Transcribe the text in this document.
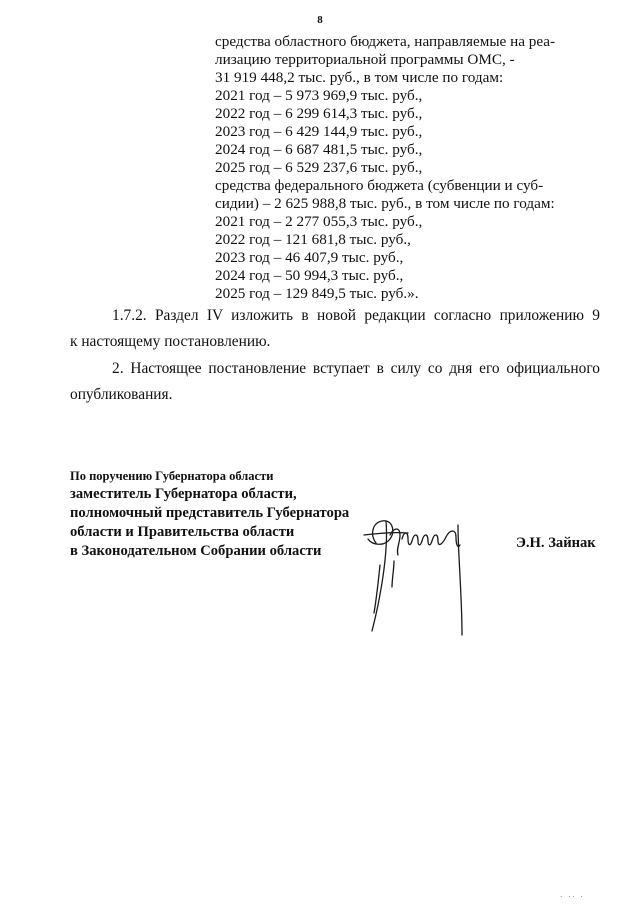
8
средства областного бюджета, направляемые на реа-
лизацию территориальной программы ОМС, -
31 919 448,2 тыс. руб., в том числе по годам:
2021 год – 5 973 969,9 тыс. руб.,
2022 год – 6 299 614,3 тыс. руб.,
2023 год – 6 429 144,9 тыс. руб.,
2024 год – 6 687 481,5 тыс. руб.,
2025 год – 6 529 237,6 тыс. руб.,
средства федерального бюджета (субвенции и суб-
сидии) – 2 625 988,8 тыс. руб., в том числе по годам:
2021 год – 2 277 055,3 тыс. руб.,
2022 год – 121 681,8 тыс. руб.,
2023 год – 46 407,9 тыс. руб.,
2024 год – 50 994,3 тыс. руб.,
2025 год – 129 849,5 тыс. руб.».
1.7.2. Раздел IV изложить в новой редакции согласно приложению 9
к настоящему постановлению.
2. Настоящее постановление вступает в силу со дня его официального
опубликования.
По поручению Губернатора области
заместитель Губернатора области,
полномочный представитель Губернатора
области и Правительства области
в Законодательном Собрании области	Э.Н. Зайнак
· ·· ·
